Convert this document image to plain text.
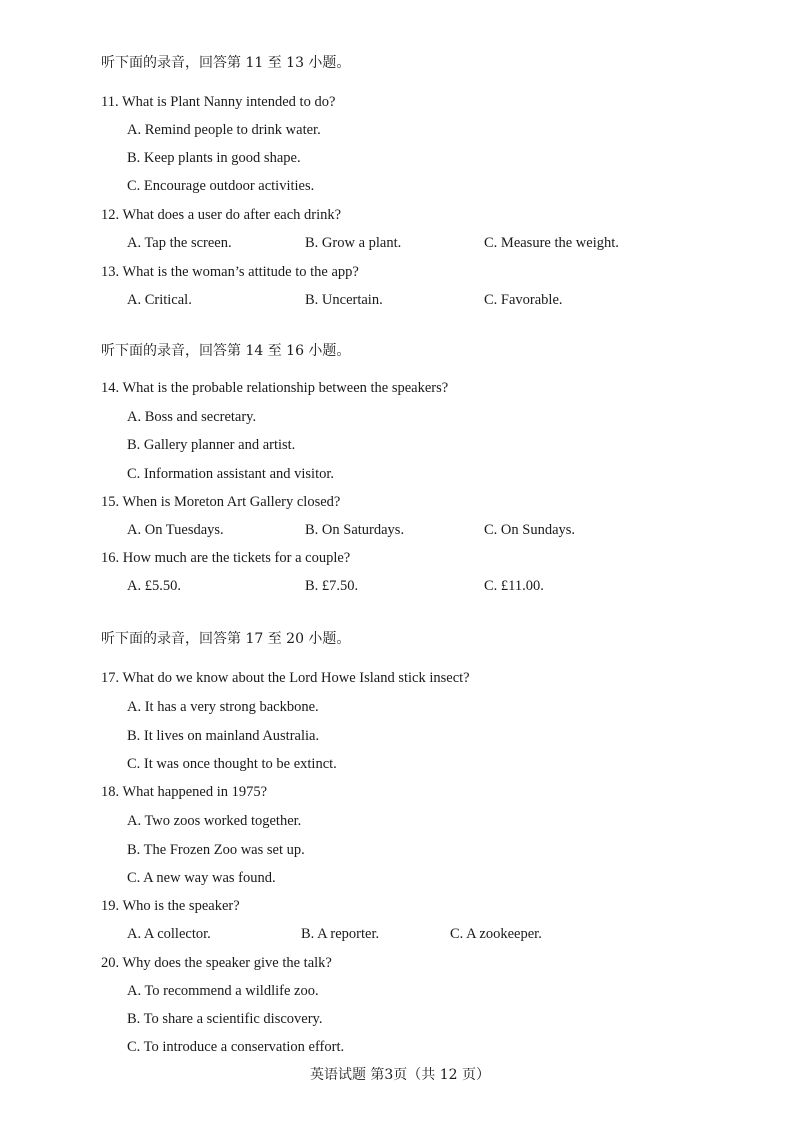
听下面的录音，回答第 11 至 13 小题。
11. What is Plant Nanny intended to do?
A. Remind people to drink water.
B. Keep plants in good shape.
C. Encourage outdoor activities.
12. What does a user do after each drink?
A. Tap the screen.	B. Grow a plant.	C. Measure the weight.
13. What is the woman’s attitude to the app?
A. Critical.	B. Uncertain.	C. Favorable.
听下面的录音，回答第 14 至 16 小题。
14. What is the probable relationship between the speakers?
A. Boss and secretary.
B. Gallery planner and artist.
C. Information assistant and visitor.
15. When is Moreton Art Gallery closed?
A. On Tuesdays.	B. On Saturdays.	C. On Sundays.
16. How much are the tickets for a couple?
A. £5.50.	B. £7.50.	C. £11.00.
听下面的录音，回答第 17 至 20 小题。
17. What do we know about the Lord Howe Island stick insect?
A. It has a very strong backbone.
B. It lives on mainland Australia.
C. It was once thought to be extinct.
18. What happened in 1975?
A. Two zoos worked together.
B. The Frozen Zoo was set up.
C. A new way was found.
19. Who is the speaker?
A. A collector.	B. A reporter.	C. A zookeeper.
20. Why does the speaker give the talk?
A. To recommend a wildlife zoo.
B. To share a scientific discovery.
C. To introduce a conservation effort.
英语试题 第3页（共 12 页）
